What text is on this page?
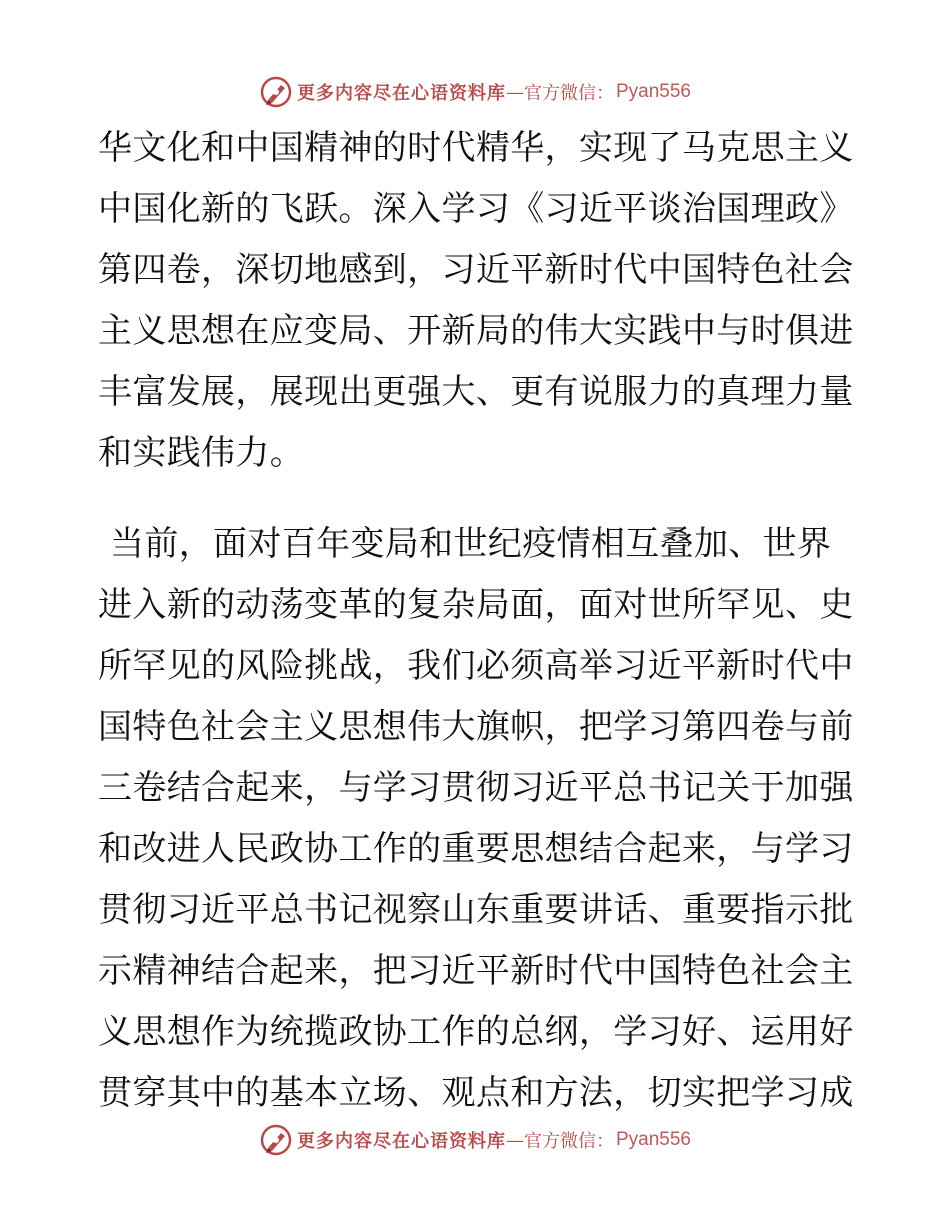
更多内容尽在心语资料库 — 官方微信： Pyan556
华文化和中国精神的时代精华，实现了马克思主义
中国化新的飞跃。深入学习《习近平谈治国理政》
第四卷，深切地感到，习近平新时代中国特色社会
主义思想在应变局、开新局的伟大实践中与时俱进
丰富发展，展现出更强大、更有说服力的真理力量
和实践伟力。
当前，面对百年变局和世纪疫情相互叠加、世界
进入新的动荡变革的复杂局面，面对世所罕见、史
所罕见的风险挑战，我们必须高举习近平新时代中
国特色社会主义思想伟大旗帜，把学习第四卷与前
三卷结合起来，与学习贯彻习近平总书记关于加强
和改进人民政协工作的重要思想结合起来，与学习
贯彻习近平总书记视察山东重要讲话、重要指示批
示精神结合起来，把习近平新时代中国特色社会主
义思想作为统揽政协工作的总纲，学习好、运用好
贯穿其中的基本立场、观点和方法，切实把学习成
更多内容尽在心语资料库 — 官方微信： Pyan556
